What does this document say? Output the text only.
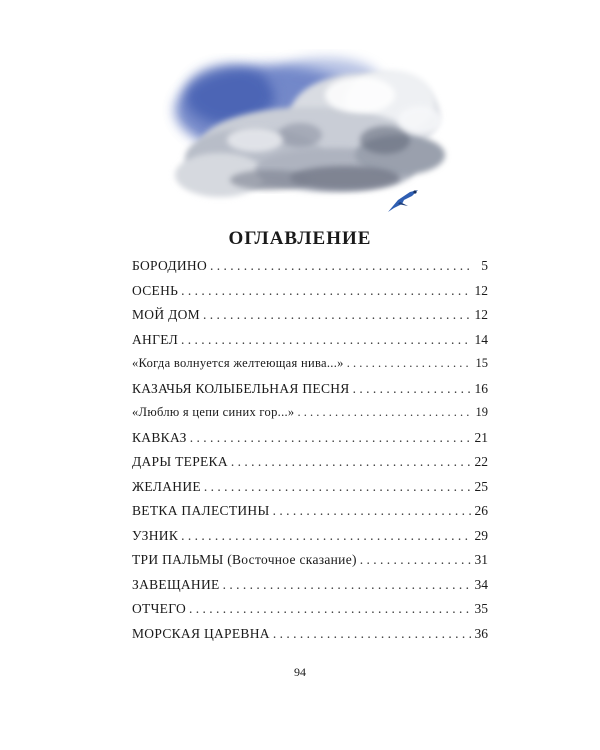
ОГЛАВЛЕНИЕ
БОРОДИНО . . .	5
ОСЕНЬ . . .	12
МОЙ ДОМ . . .	12
АНГЕЛ . . .	14
«Когда волнуется желтеющая нива...» . . .	15
КАЗАЧЬЯ КОЛЫБЕЛЬНАЯ ПЕСНЯ . . .	16
«Люблю я цепи синих гор...» . . .	19
КАВКАЗ . . .	21
ДАРЫ ТЕРЕКА . . .	22
ЖЕЛАНИЕ . . .	25
ВЕТКА ПАЛЕСТИНЫ . . .	26
УЗНИК . . .	29
ТРИ ПАЛЬМЫ (Восточное сказание) . . .	31
ЗАВЕЩАНИЕ . . .	34
ОТЧЕГО . . .	35
МОРСКАЯ ЦАРЕВНА . . .	36
94
